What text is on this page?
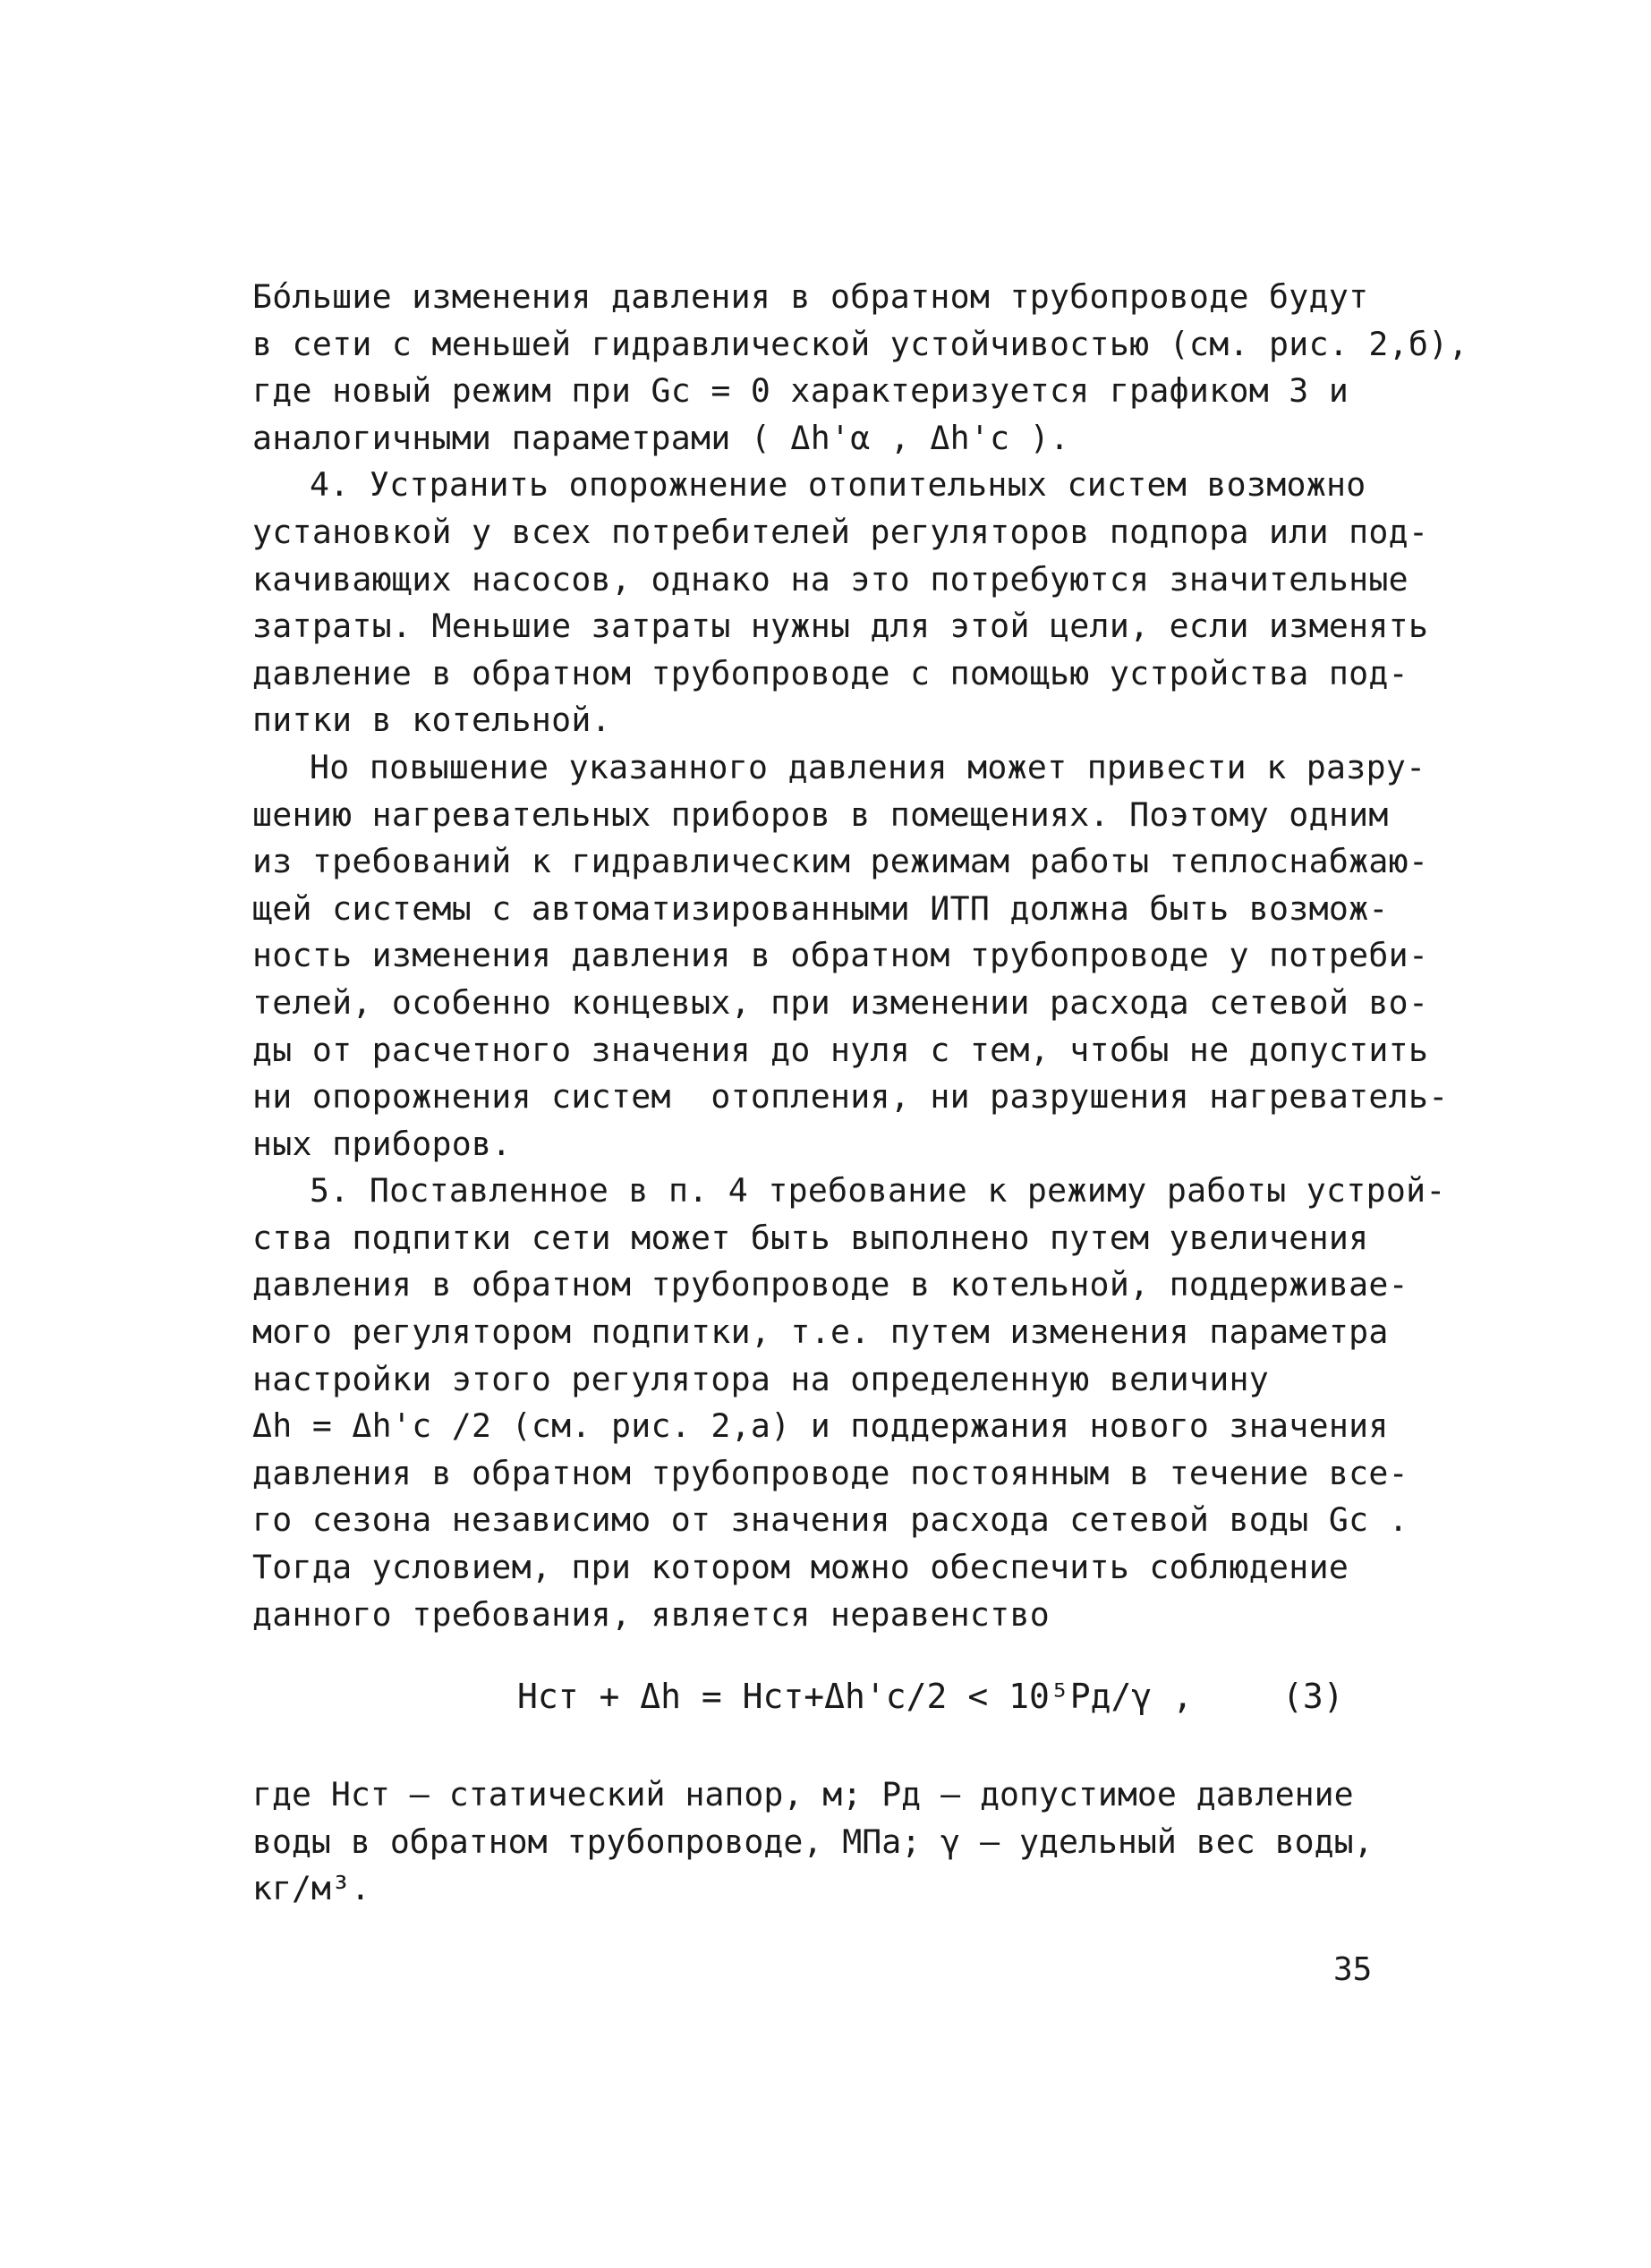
Бо́льшие изменения давления в обратном трубопроводе будут
в сети с меньшей гидравлической устойчивостью (см. рис. 2,б),
где новый режим при Gс = 0 характеризуется графиком 3 и
аналогичными параметрами ( Δh'α , Δh'с ).
4. Устранить опорожнение отопительных систем возможно
установкой у всех потребителей регуляторов подпора или под-
качивающих насосов, однако на это потребуются значительные
затраты. Меньшие затраты нужны для этой цели, если изменять
давление в обратном трубопроводе с помощью устройства под-
питки в котельной.
Но повышение указанного давления может привести к разру-
шению нагревательных приборов в помещениях. Поэтому одним
из требований к гидравлическим режимам работы теплоснабжаю-
щей системы с автоматизированными ИТП должна быть возмож-
ность изменения давления в обратном трубопроводе у потреби-
телей, особенно концевых, при изменении расхода сетевой во-
ды от расчетного значения до нуля с тем, чтобы не допустить
ни опорожнения систем  отопления, ни разрушения нагреватель-
ных приборов.
5. Поставленное в п. 4 требование к режиму работы устрой-
ства подпитки сети может быть выполнено путем увеличения
давления в обратном трубопроводе в котельной, поддерживае-
мого регулятором подпитки, т.е. путем изменения параметра
настройки этого регулятора на определенную величину
Δh = Δh'с /2 (см. рис. 2,а) и поддержания нового значения
давления в обратном трубопроводе постоянным в течение все-
го сезона независимо от значения расхода сетевой воды Gс .
Тогда условием, при котором можно обеспечить соблюдение
данного требования, является неравенство
Hст + Δh = Hст+Δh'с/2 < 10⁵Pд/γ ,	(3)
где Hст – статический напор, м; Pд – допустимое давление
воды в обратном трубопроводе, МПа; γ – удельный вес воды,
кг/м³.
35
